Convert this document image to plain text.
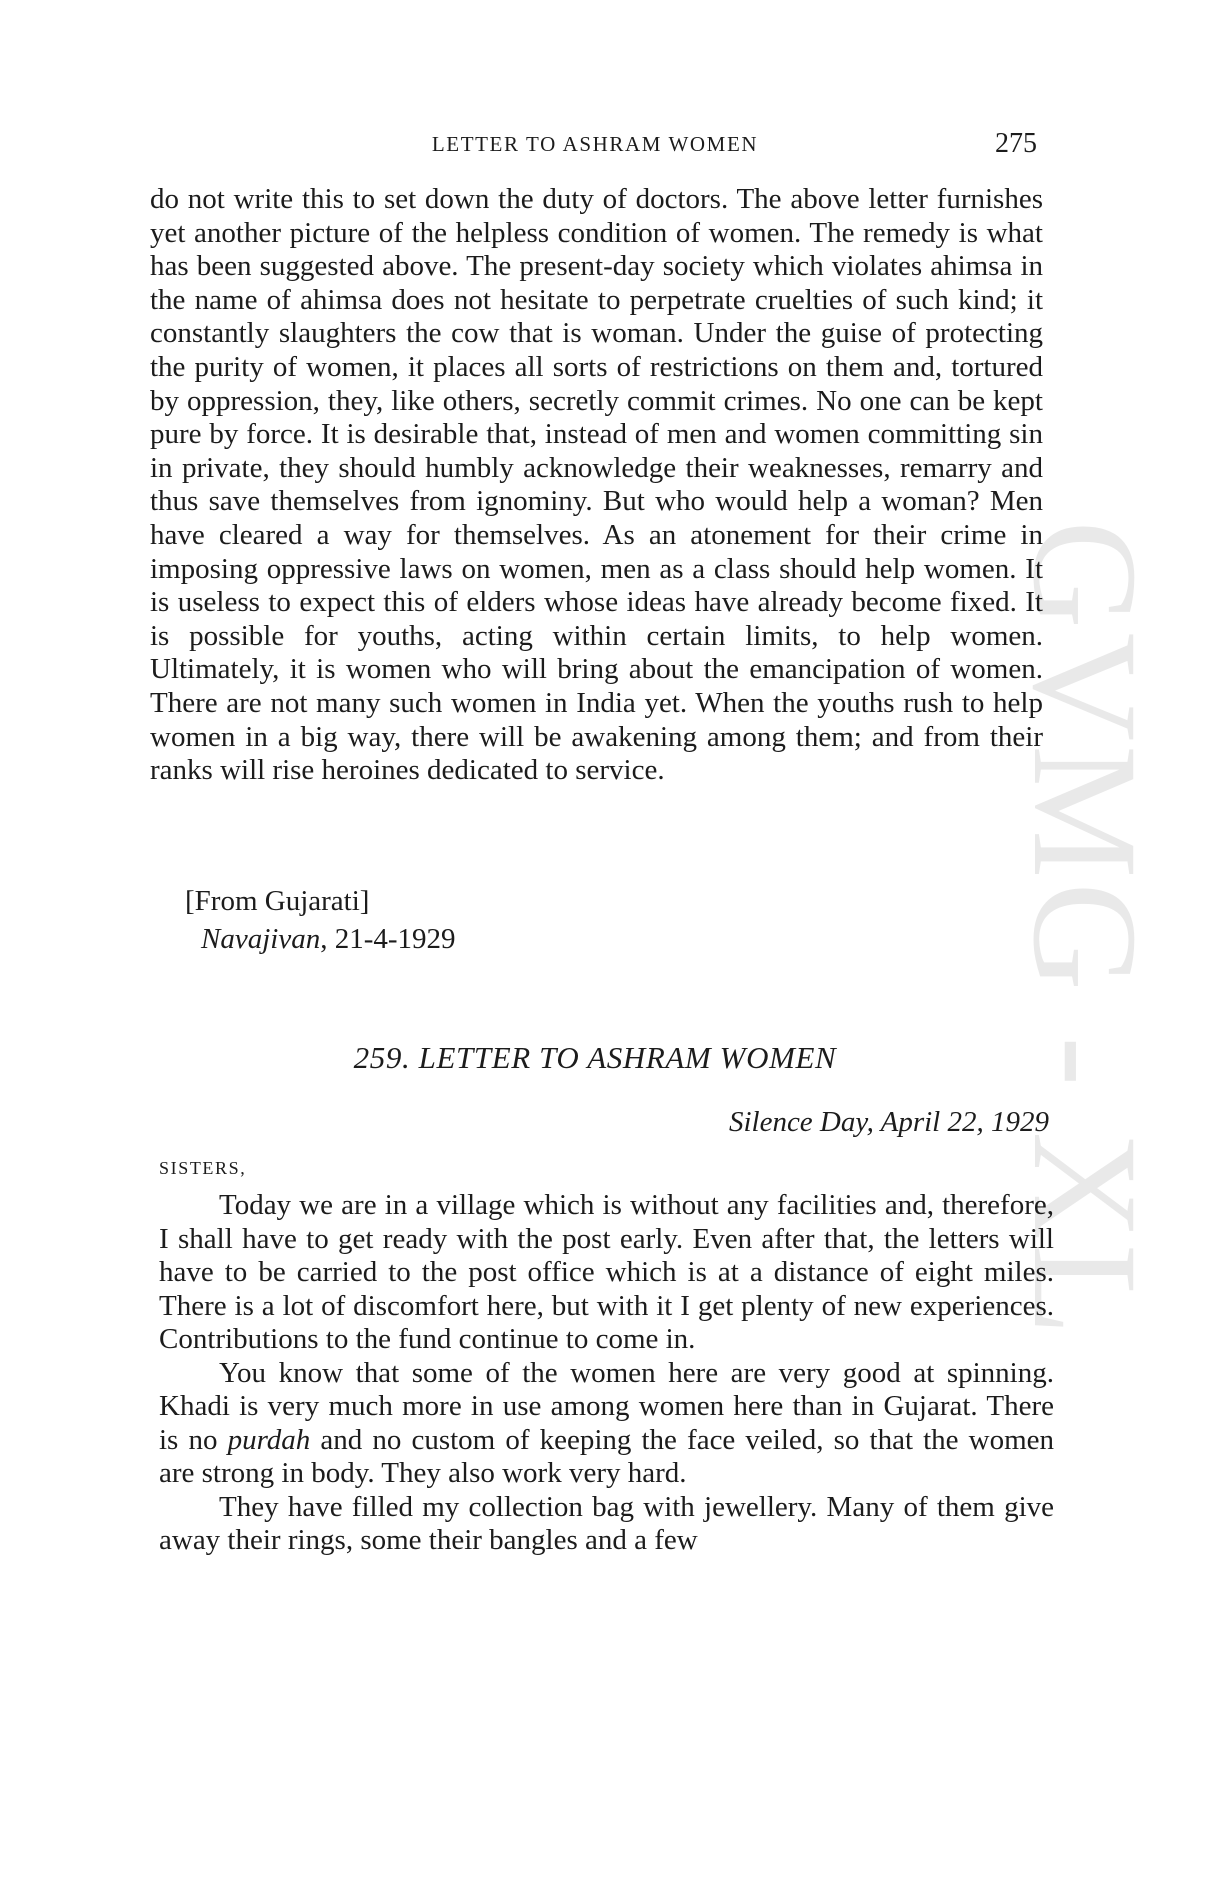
GVMG - XL
LETTER TO ASHRAM WOMEN	275

do not write this to set down the duty of doctors. The above letter furnishes yet another picture of the helpless condition of women. The remedy is what has been suggested above. The present-day society which violates ahimsa in the name of ahimsa does not hesitate to perpetrate cruelties of such kind; it constantly slaughters the cow that is woman. Under the guise of protecting the purity of women, it places all sorts of restrictions on them and, tortured by oppression, they, like others, secretly commit crimes. No one can be kept pure by force. It is desirable that, instead of men and women committing sin in private, they should humbly acknowledge their weaknesses, remarry and thus save themselves from ignominy. But who would help a woman? Men have cleared a way for themselves. As an atonement for their crime in imposing oppressive laws on women, men as a class should help women. It is useless to expect this of elders whose ideas have already become fixed. It is possible for youths, acting within certain limits, to help women. Ultimately, it is women who will bring about the emancipation of women. There are not many such women in India yet. When the youths rush to help women in a big way, there will be awakening among them; and from their ranks will rise heroines dedicated to service.

[From Gujarati]
Navajivan, 21-4-1929
259. LETTER TO ASHRAM WOMEN
Silence Day, April 22, 1929
SISTERS,

Today we are in a village which is without any facilities and, therefore, I shall have to get ready with the post early. Even after that, the letters will have to be carried to the post office which is at a distance of eight miles. There is a lot of discomfort here, but with it I get plenty of new experiences. Contributions to the fund continue to come in.

You know that some of the women here are very good at spinning. Khadi is very much more in use among women here than in Gujarat. There is no purdah and no custom of keeping the face veiled, so that the women are strong in body. They also work very hard.

They have filled my collection bag with jewellery. Many of them give away their rings, some their bangles and a few
